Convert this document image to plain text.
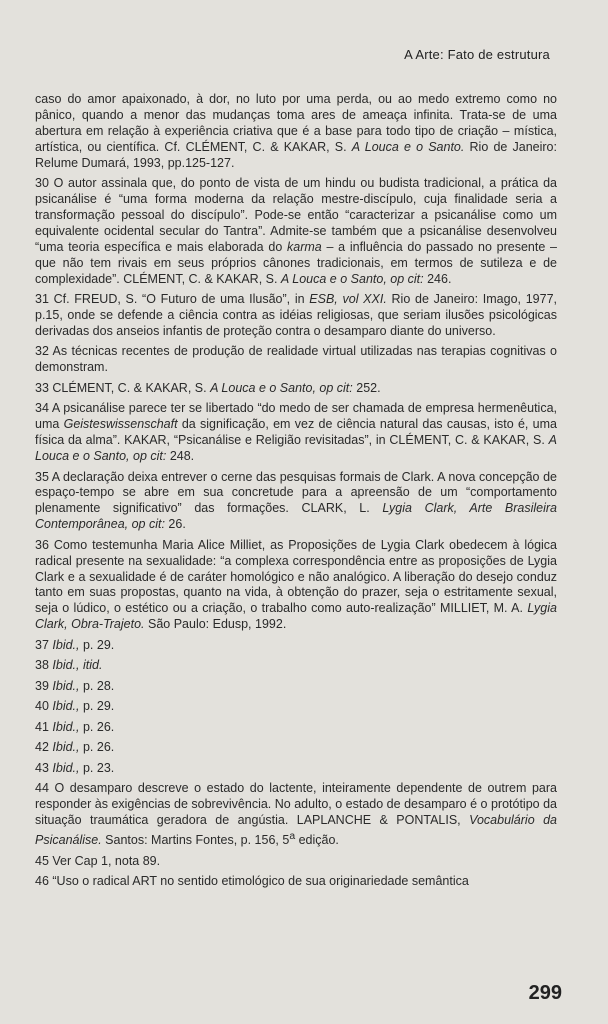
A Arte: Fato de estrutura
caso do amor apaixonado, à dor, no luto por uma perda, ou ao medo extremo como no pânico, quando a menor das mudanças toma ares de ameaça infinita. Trata-se de uma abertura em relação à experiência criativa que é a base para todo tipo de criação – mística, artística, ou científica. Cf. CLÉMENT, C. & KAKAR, S. A Louca e o Santo. Rio de Janeiro: Relume Dumará, 1993, pp.125-127.
30 O autor assinala que, do ponto de vista de um hindu ou budista tradicional, a prática da psicanálise é “uma forma moderna da relação mestre-discípulo, cuja finalidade seria a transformação pessoal do discípulo”. Pode-se então “caracterizar a psicanálise como um equivalente ocidental secular do Tantra”. Admite-se também que a psicanálise desenvolveu “uma teoria específica e mais elaborada do karma – a influência do passado no presente – que não tem rivais em seus próprios cânones tradicionais, em termos de sutileza e de complexidade”. CLÉMENT, C. & KAKAR, S. A Louca e o Santo, op cit: 246.
31 Cf. FREUD, S. “O Futuro de uma Ilusão”, in ESB, vol XXI. Rio de Janeiro: Imago, 1977, p.15, onde se defende a ciência contra as idéias religiosas, que seriam ilusões psicológicas derivadas dos anseios infantis de proteção contra o desamparo diante do universo.
32 As técnicas recentes de produção de realidade virtual utilizadas nas terapias cognitivas o demonstram.
33 CLÉMENT, C. & KAKAR, S. A Louca e o Santo, op cit: 252.
34 A psicanálise parece ter se libertado “do medo de ser chamada de empresa hermenêutica, uma Geisteswissenschaft da significação, em vez de ciência natural das causas, isto é, uma física da alma”. KAKAR, “Psicanálise e Religião revisitadas”, in CLÉMENT, C. & KAKAR, S. A Louca e o Santo, op cit: 248.
35 A declaração deixa entrever o cerne das pesquisas formais de Clark. A nova concepção de espaço-tempo se abre em sua concretude para a apreensão de um “comportamento plenamente significativo” das formações. CLARK, L. Lygia Clark, Arte Brasileira Contemporânea, op cit: 26.
36 Como testemunha Maria Alice Milliet, as Proposições de Lygia Clark obedecem à lógica radical presente na sexualidade: “a complexa correspondência entre as proposições de Lygia Clark e a sexualidade é de caráter homológico e não analógico. A liberação do desejo conduz tanto em suas propostas, quanto na vida, à obtenção do prazer, seja o estritamente sexual, seja o lúdico, o estético ou a criação, o trabalho como auto-realização” MILLIET, M. A. Lygia Clark, Obra-Trajeto. São Paulo: Edusp, 1992.
37 Ibid., p. 29.
38 Ibid., itid.
39 Ibid., p. 28.
40 Ibid., p. 29.
41 Ibid., p. 26.
42 Ibid., p. 26.
43 Ibid., p. 23.
44 O desamparo descreve o estado do lactente, inteiramente dependente de outrem para responder às exigências de sobrevivência. No adulto, o estado de desamparo é o protótipo da situação traumática geradora de angústia. LAPLANCHE & PONTALIS, Vocabulário da Psicanálise. Santos: Martins Fontes, p. 156, 5$^a$ edição.
45 Ver Cap 1, nota 89.
46 “Uso o radical ART no sentido etimológico de sua originariedade semântica
299
